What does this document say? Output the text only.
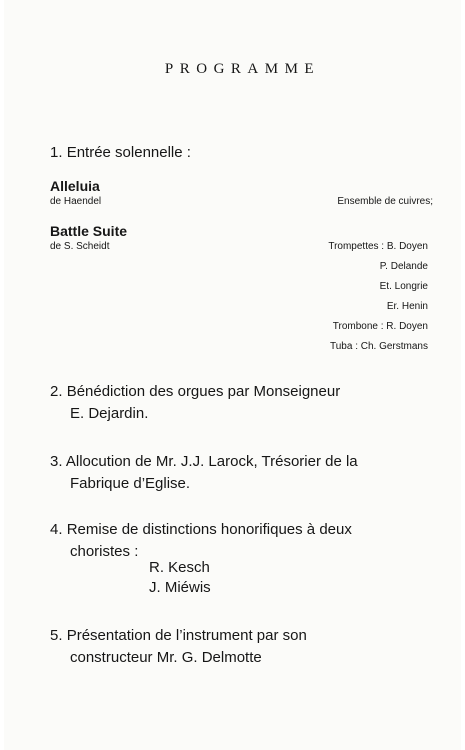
PROGRAMME
1. Entrée solennelle :
Alleluia
de Haendel
Battle Suite
de S. Scheidt
Ensemble de cuivres;
Trompettes : B. Doyen
P. Delande
Et. Longrie
Er. Henin
Trombone : R. Doyen
Tuba : Ch. Gerstmans
2. Bénédiction des orgues par Monseigneur
E. Dejardin.
3. Allocution de Mr. J.J. Larock, Trésorier de la
Fabrique d’Eglise.
4. Remise de distinctions honorifiques à deux
choristes :
R. Kesch
J. Miéwis
5. Présentation de l’instrument par son
constructeur Mr. G. Delmotte
